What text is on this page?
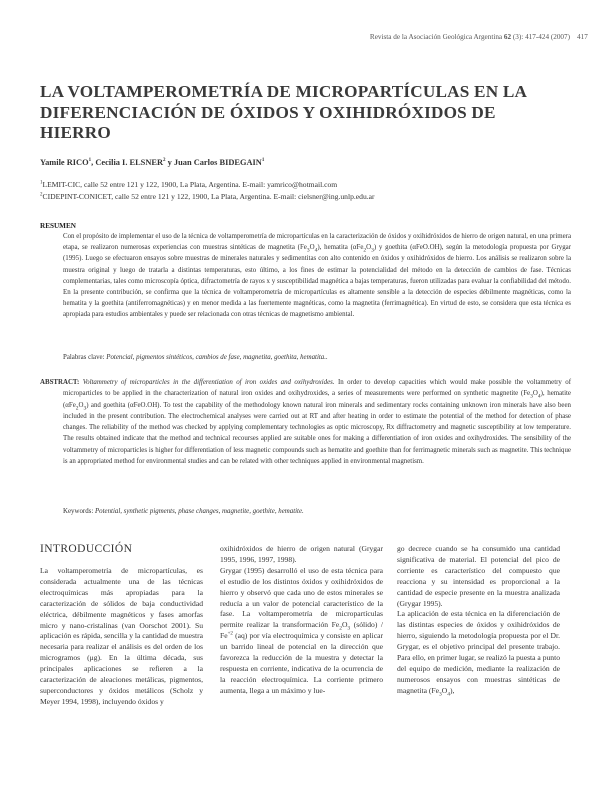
Revista de la Asociación Geológica Argentina 62 (3): 417-424 (2007) 417
LA VOLTAMPEROMETRÍA DE MICROPARTÍCULAS EN LA DIFERENCIACIÓN DE ÓXIDOS Y OXIHIDRÓXIDOS DE HIERRO
Yamile RICO$^1$, Cecilia I. ELSNER$^2$ y Juan Carlos BIDEGAIN$^1$
$^1$LEMIT-CIC, calle 52 entre 121 y 122, 1900, La Plata, Argentina. E-mail: yamrico@hotmail.com
$^2$CIDEPINT-CONICET, calle 52 entre 121 y 122, 1900, La Plata, Argentina. E-mail: cielsner@ing.unlp.edu.ar
RESUMEN

Con el propósito de implementar el uso de la técnica de voltamperometría de micropartículas en la caracterización de óxidos y oxihidróxidos de hierro de origen natural, en una primera etapa, se realizaron numerosas experiencias con muestras sintéticas de magnetita $(Fe_3O_4)$, hematita $(\alpha Fe_2O_3)$ y goethita (αFeO.OH), según la metodología propuesta por Grygar (1995). Luego se efectuaron ensayos sobre muestras de minerales naturales y sedimentitas con alto contenido en óxidos y oxihidróxidos de hierro. Los análisis se realizaron sobre la muestra original y luego de tratarla a distintas temperaturas, esto último, a los fines de estimar la potencialidad del método en la detección de cambios de fase. Técnicas complementarias, tales como microscopía óptica, difractometría de rayos x y susceptibilidad magnética a bajas temperaturas, fueron utilizadas para evaluar la confiabilidad del método. En la presente contribución, se confirma que la técnica de voltamperometría de micropartículas es altamente sensible a la detección de especies débilmente magnéticas, como la hematita y la goethita (antiferromagnéticas) y en menor medida a las fuertemente magnéticas, como la magnetita (ferrimagnética). En virtud de esto, se considera que esta técnica es apropiada para estudios ambientales y puede ser relacionada con otras técnicas de magnetismo ambiental.

Palabras clave: Potencial, pigmentos sintéticos, cambios de fase, magnetita, goethita, hematita..

ABSTRACT: Voltammetry of microparticles in the differentiation of iron oxides and oxihydroxides. In order to develop capacities which would make possible the voltammetry of microparticles to be applied in the characterization of natural iron oxides and oxihydroxides, a series of measurements were performed on synthetic magnetite $(Fe_3O_4)$, hematite $(\alpha Fe_2O_3)$ and goethita (αFeO.OH). To test the capability of the methodology known natural iron minerals and sedimentary rocks containing unknown iron minerals have also been included in the present contribution. The electrochemical analyses were carried out at RT and after heating in order to estimate the potential of the method for detection of phase changes. The reliability of the method was checked by applying complementary technologies as optic microscopy, Rx diffractometry and magnetic susceptibility at low temperature. The results obtained indicate that the method and technical recourses applied are suitable ones for making a differentiation of iron oxides and oxihydroxides. The sensibility of the voltammetry of microparticles is higher for differentiation of less magnetic compounds such as hematite and goethite than for ferrimagnetic minerals such as magnetite. This technique is an appropriated method for environmental studies and can be related with other techniques applied in environmental magnetism.

Keywords: Potential, synthetic pigments, phase changes, magnetite, goethite, hematite.
INTRODUCCIÓN

La voltamperometría de micropartículas, es considerada actualmente una de las técnicas electroquímicas más apropiadas para la caracterización de sólidos de baja conductividad eléctrica, débilmente magnéticos y fases amorfas micro y nano-cristalinas (van Oorschot 2001). Su aplicación es rápida, sencilla y la cantidad de muestra necesaria para realizar el análisis es del orden de los microgramos (μg). En la última década, sus principales aplicaciones se refieren a la caracterización de aleaciones metálicas, pigmentos, superconductores y óxidos metálicos (Scholz y Meyer 1994, 1998), incluyendo óxidos y

oxihidróxidos de hierro de origen natural (Grygar 1995, 1996, 1997, 1998).

Grygar (1995) desarrolló el uso de esta técnica para el estudio de los distintos óxidos y oxihidróxidos de hierro y observó que cada uno de estos minerales se reducía a un valor de potencial característico de la fase. La voltamperometría de micropartículas permite realizar la transformación $Fe_2O_3$ (sólido) / $Fe^{+2}$ (aq) por vía electroquímica y consiste en aplicar un barrido lineal de potencial en la dirección que favorezca la reducción de la muestra y detectar la respuesta en corriente, indicativa de la ocurrencia de la reacción electroquímica. La corriente primero aumenta, llega a un máximo y lue-

go decrece cuando se ha consumido una cantidad significativa de material. El potencial del pico de corriente es característico del compuesto que reacciona y su intensidad es proporcional a la cantidad de especie presente en la muestra analizada (Grygar 1995).

La aplicación de esta técnica en la diferenciación de las distintas especies de óxidos y oxihidróxidos de hierro, siguiendo la metodología propuesta por el Dr. Grygar, es el objetivo principal del presente trabajo. Para ello, en primer lugar, se realizó la puesta a punto del equipo de medición, mediante la realización de numerosos ensayos con muestras sintéticas de magnetita $(Fe_3O_4)$,
